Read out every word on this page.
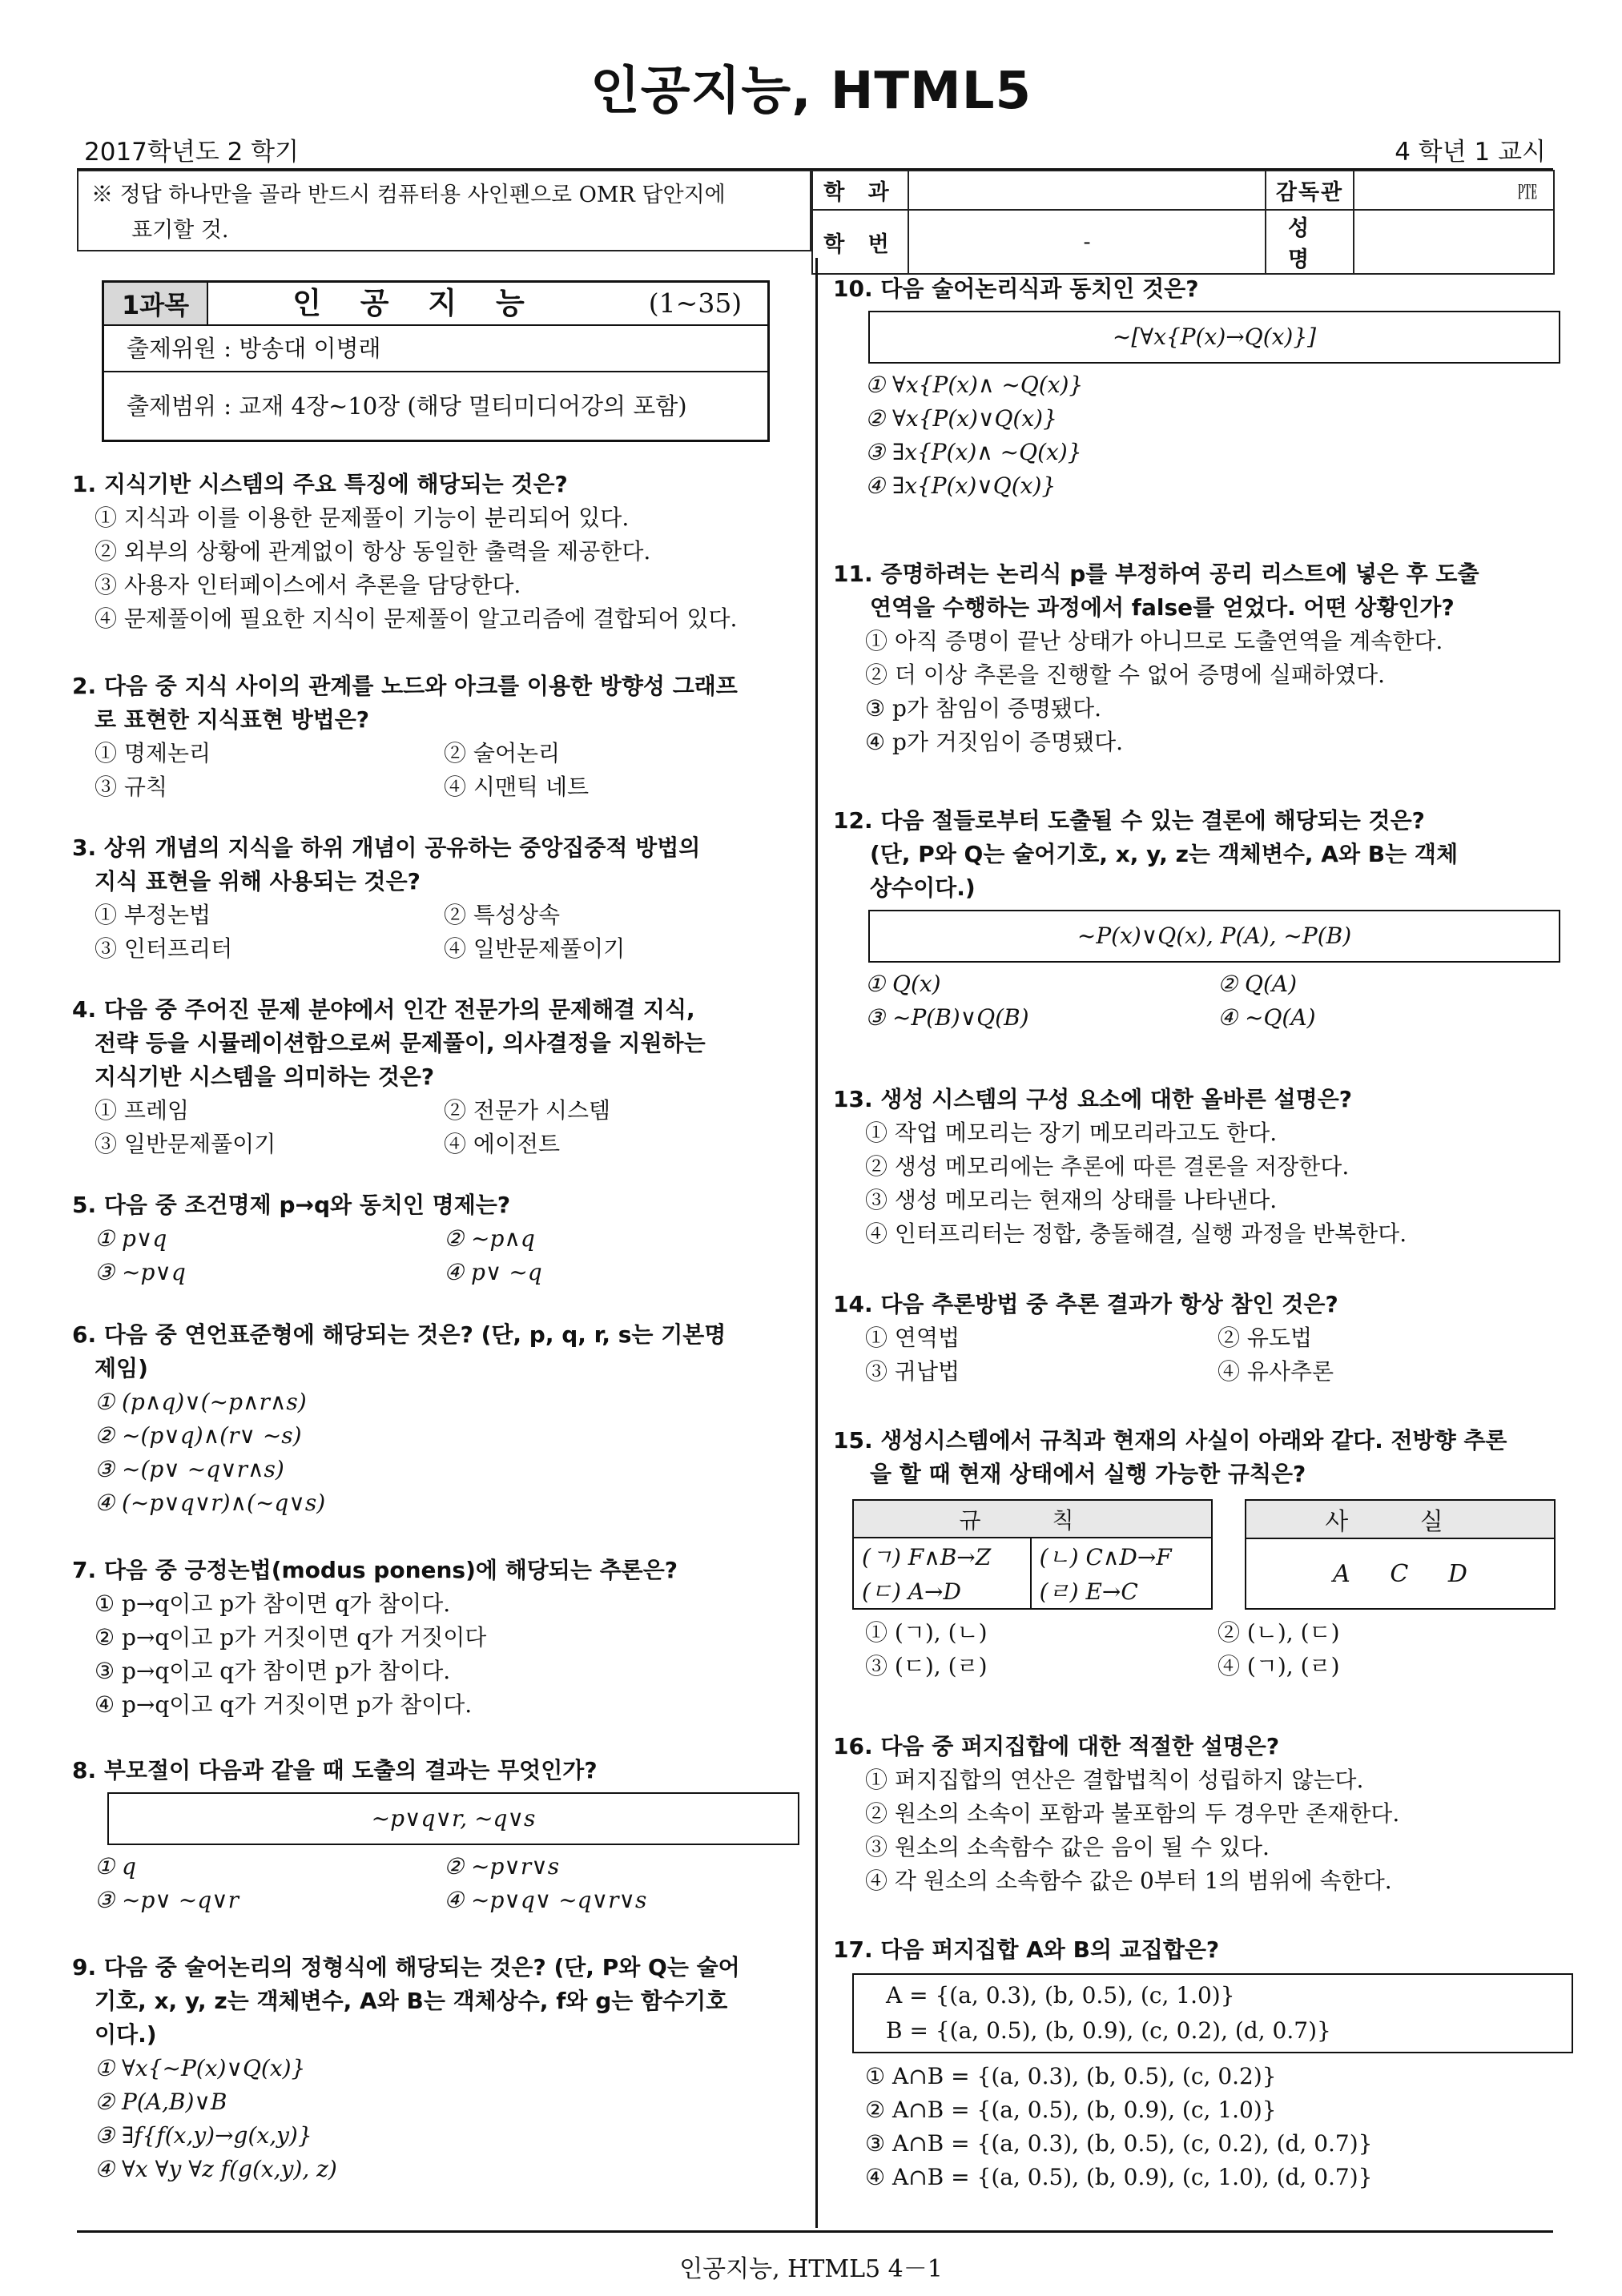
인공지능, HTML5
2017학년도 2 학기	4 학년 1 교시
※ 정답 하나만을 골라 반드시 컴퓨터용 사인펜으로 OMR 답안지에
표기할 것.
학 과		감독관	㉐
학 번	-	성 명	
1과목	인 공 지 능	(1~35)
출제위원 : 방송대 이병래
출제범위 : 교재 4장~10장 (해당 멀티미디어강의 포함)
1. 지식기반 시스템의 주요 특징에 해당되는 것은?
① 지식과 이를 이용한 문제풀이 기능이 분리되어 있다.
② 외부의 상황에 관계없이 항상 동일한 출력을 제공한다.
③ 사용자 인터페이스에서 추론을 담당한다.
④ 문제풀이에 필요한 지식이 문제풀이 알고리즘에 결합되어 있다.
2. 다음 중 지식 사이의 관계를 노드와 아크를 이용한 방향성 그래프
로 표현한 지식표현 방법은?
① 명제논리	② 술어논리
③ 규칙	④ 시맨틱 네트
3. 상위 개념의 지식을 하위 개념이 공유하는 중앙집중적 방법의
지식 표현을 위해 사용되는 것은?
① 부정논법	② 특성상속
③ 인터프리터	④ 일반문제풀이기
4. 다음 중 주어진 문제 분야에서 인간 전문가의 문제해결 지식,
전략 등을 시뮬레이션함으로써 문제풀이, 의사결정을 지원하는
지식기반 시스템을 의미하는 것은?
① 프레임	② 전문가 시스템
③ 일반문제풀이기	④ 에이전트
5. 다음 중 조건명제 p→q와 동치인 명제는?
① p∨q	② ~p∧q
③ ~p∨q	④ p∨ ~q
6. 다음 중 연언표준형에 해당되는 것은? (단, p, q, r, s는 기본명
제임)
① (p∧q)∨(~p∧r∧s)
② ~(p∨q)∧(r∨ ~s)
③ ~(p∨ ~q∨r∧s)
④ (~p∨q∨r)∧(~q∨s)
7. 다음 중 긍정논법(modus ponens)에 해당되는 추론은?
① p→q이고 p가 참이면 q가 참이다.
② p→q이고 p가 거짓이면 q가 거짓이다
③ p→q이고 q가 참이면 p가 참이다.
④ p→q이고 q가 거짓이면 p가 참이다.
8. 부모절이 다음과 같을 때 도출의 결과는 무엇인가?
~p∨q∨r, ~q∨s
① q	② ~p∨r∨s
③ ~p∨ ~q∨r	④ ~p∨q∨ ~q∨r∨s
9. 다음 중 술어논리의 정형식에 해당되는 것은? (단, P와 Q는 술어
기호, x, y, z는 객체변수, A와 B는 객체상수, f와 g는 함수기호
이다.)
① ∀x{~P(x)∨Q(x)}
② P(A,B)∨B
③ ∃f{f(x,y)→g(x,y)}
④ ∀x ∀y ∀z f(g(x,y), z)
10. 다음 술어논리식과 동치인 것은?
~[∀x{P(x)→Q(x)}]
① ∀x{P(x)∧ ~Q(x)}
② ∀x{P(x)∨Q(x)}
③ ∃x{P(x)∧ ~Q(x)}
④ ∃x{P(x)∨Q(x)}
11. 증명하려는 논리식 p를 부정하여 공리 리스트에 넣은 후 도출
연역을 수행하는 과정에서 false를 얻었다. 어떤 상황인가?
① 아직 증명이 끝난 상태가 아니므로 도출연역을 계속한다.
② 더 이상 추론을 진행할 수 없어 증명에 실패하였다.
③ p가 참임이 증명됐다.
④ p가 거짓임이 증명됐다.
12. 다음 절들로부터 도출될 수 있는 결론에 해당되는 것은?
(단, P와 Q는 술어기호, x, y, z는 객체변수, A와 B는 객체
상수이다.)
~P(x)∨Q(x), P(A), ~P(B)
① Q(x)	② Q(A)
③ ~P(B)∨Q(B)	④ ~Q(A)
13. 생성 시스템의 구성 요소에 대한 올바른 설명은?
① 작업 메모리는 장기 메모리라고도 한다.
② 생성 메모리에는 추론에 따른 결론을 저장한다.
③ 생성 메모리는 현재의 상태를 나타낸다.
④ 인터프리터는 정합, 충돌해결, 실행 과정을 반복한다.
14. 다음 추론방법 중 추론 결과가 항상 참인 것은?
① 연역법	② 유도법
③ 귀납법	④ 유사추론
15. 생성시스템에서 규칙과 현재의 사실이 아래와 같다. 전방향 추론
을 할 때 현재 상태에서 실행 가능한 규칙은?
규 칙	
(ㄱ) F∧B→Z	(ㄴ) C∧D→F
(ㄷ) A→D	(ㄹ) E→C
사 실
A C D
① (ㄱ), (ㄴ)	② (ㄴ), (ㄷ)
③ (ㄷ), (ㄹ)	④ (ㄱ), (ㄹ)
16. 다음 중 퍼지집합에 대한 적절한 설명은?
① 퍼지집합의 연산은 결합법칙이 성립하지 않는다.
② 원소의 소속이 포함과 불포함의 두 경우만 존재한다.
③ 원소의 소속함수 값은 음이 될 수 있다.
④ 각 원소의 소속함수 값은 0부터 1의 범위에 속한다.
17. 다음 퍼지집합 A와 B의 교집합은?
A = {(a, 0.3), (b, 0.5), (c, 1.0)}
B = {(a, 0.5), (b, 0.9), (c, 0.2), (d, 0.7)}
① A∩B = {(a, 0.3), (b, 0.5), (c, 0.2)}
② A∩B = {(a, 0.5), (b, 0.9), (c, 1.0)}
③ A∩B = {(a, 0.3), (b, 0.5), (c, 0.2), (d, 0.7)}
④ A∩B = {(a, 0.5), (b, 0.9), (c, 1.0), (d, 0.7)}
인공지능, HTML5 4－1
